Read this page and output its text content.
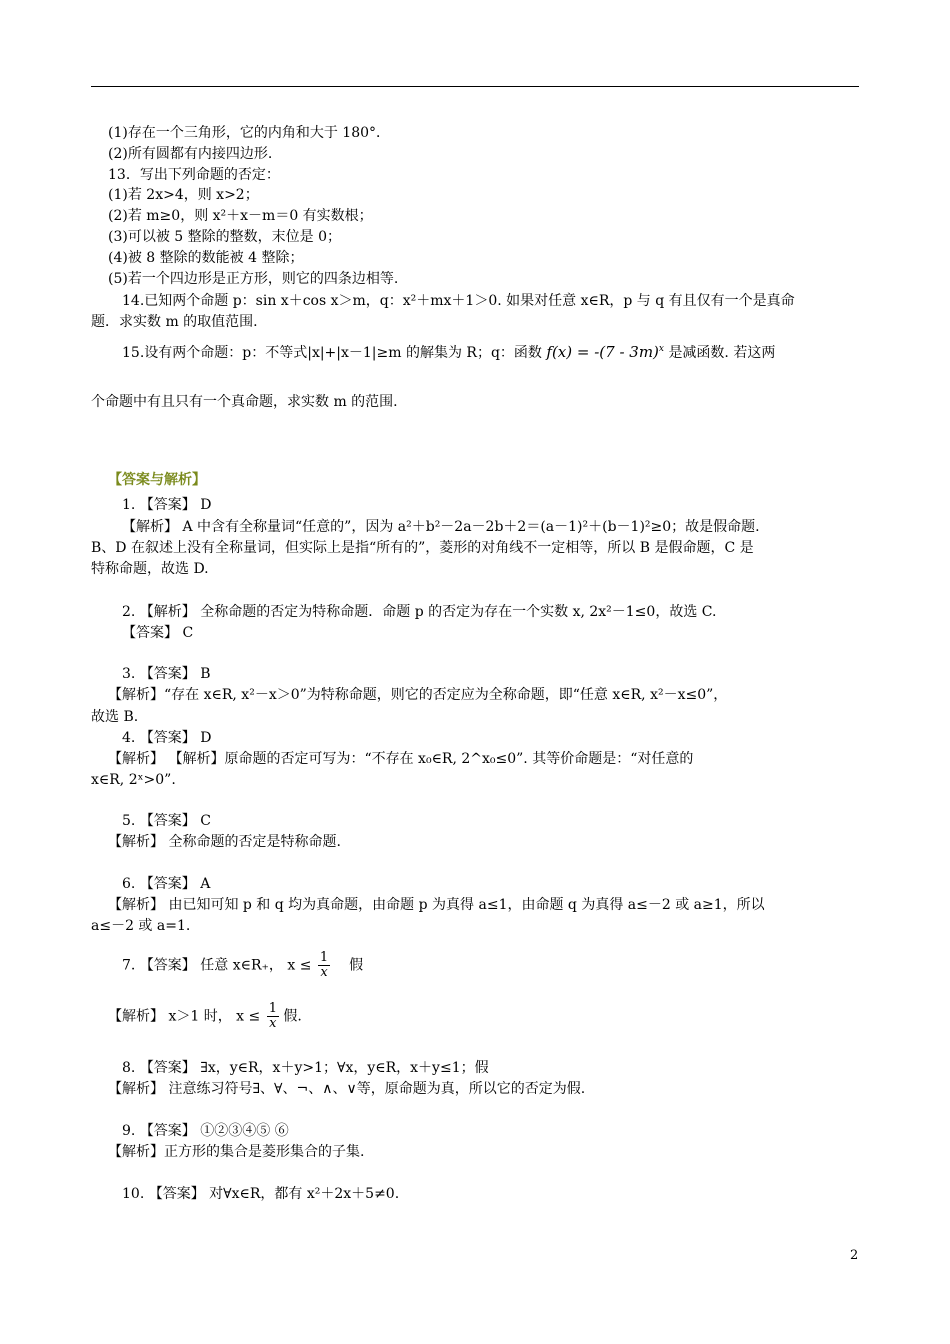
(1)存在一个三角形，它的内角和大于 180°．
(2)所有圆都有内接四边形.
13．写出下列命题的否定：
(1)若 2x>4，则 x>2；
(2)若 m≥0，则 x²＋x－m＝0 有实数根；
(3)可以被 5 整除的整数，末位是 0；
(4)被 8 整除的数能被 4 整除；
(5)若一个四边形是正方形，则它的四条边相等.
14.已知两个命题 p：sin x＋cos x＞m，q：x²＋mx＋1＞0. 如果对任意 x∈R，p 与 q 有且仅有一个是真命
题．求实数 m 的取值范围.
15.设有两个命题：p：不等式|x|+|x－1|≥m 的解集为 R；q：函数 f(x) = -(7 - 3m)$^x$ 是减函数. 若这两
个命题中有且只有一个真命题，求实数 m 的范围.
【答案与解析】
1. 【答案】 D
【解析】 A 中含有全称量词“任意的”，因为 a²＋b²－2a－2b＋2＝(a－1)²＋(b－1)²≥0；故是假命题.
B、D 在叙述上没有全称量词，但实际上是指“所有的”，菱形的对角线不一定相等，所以 B 是假命题，C 是
特称命题，故选 D.
2. 【解析】 全称命题的否定为特称命题．命题 p 的否定为存在一个实数 x, 2x²－1≤0，故选 C.
【答案】 C
3. 【答案】 B
【解析】“存在 x∈R, x²－x＞0”为特称命题，则它的否定应为全称命题，即“任意 x∈R, x²－x≤0”，
故选 B.
4. 【答案】 D
【解析】 【解析】原命题的否定可写为：“不存在 x₀∈R, 2^x₀≤0”. 其等价命题是：“对任意的
x∈R, 2ˣ>0”.
5. 【答案】 C
【解析】 全称命题的否定是特称命题.
6. 【答案】 A
【解析】 由已知可知 p 和 q 均为真命题，由命题 p 为真得 a≤1，由命题 q 为真得 a≤－2 或 a≥1，所以
a≤－2 或 a=1.
7. 【答案】 任意 x∈R₊， $x \le \frac{1}{x}$ 假
【解析】 x＞1 时， $x \le \frac{1}{x}$ 假.
8. 【答案】 ∃x，y∈R，x＋y>1；∀x，y∈R，x＋y≤1；假
【解析】 注意练习符号∃、∀、¬、∧、∨等，原命题为真，所以它的否定为假.
9. 【答案】 ①②③④⑤ ⑥
【解析】正方形的集合是菱形集合的子集.
10. 【答案】 对∀x∈R，都有 x²＋2x＋5≠0.
2
